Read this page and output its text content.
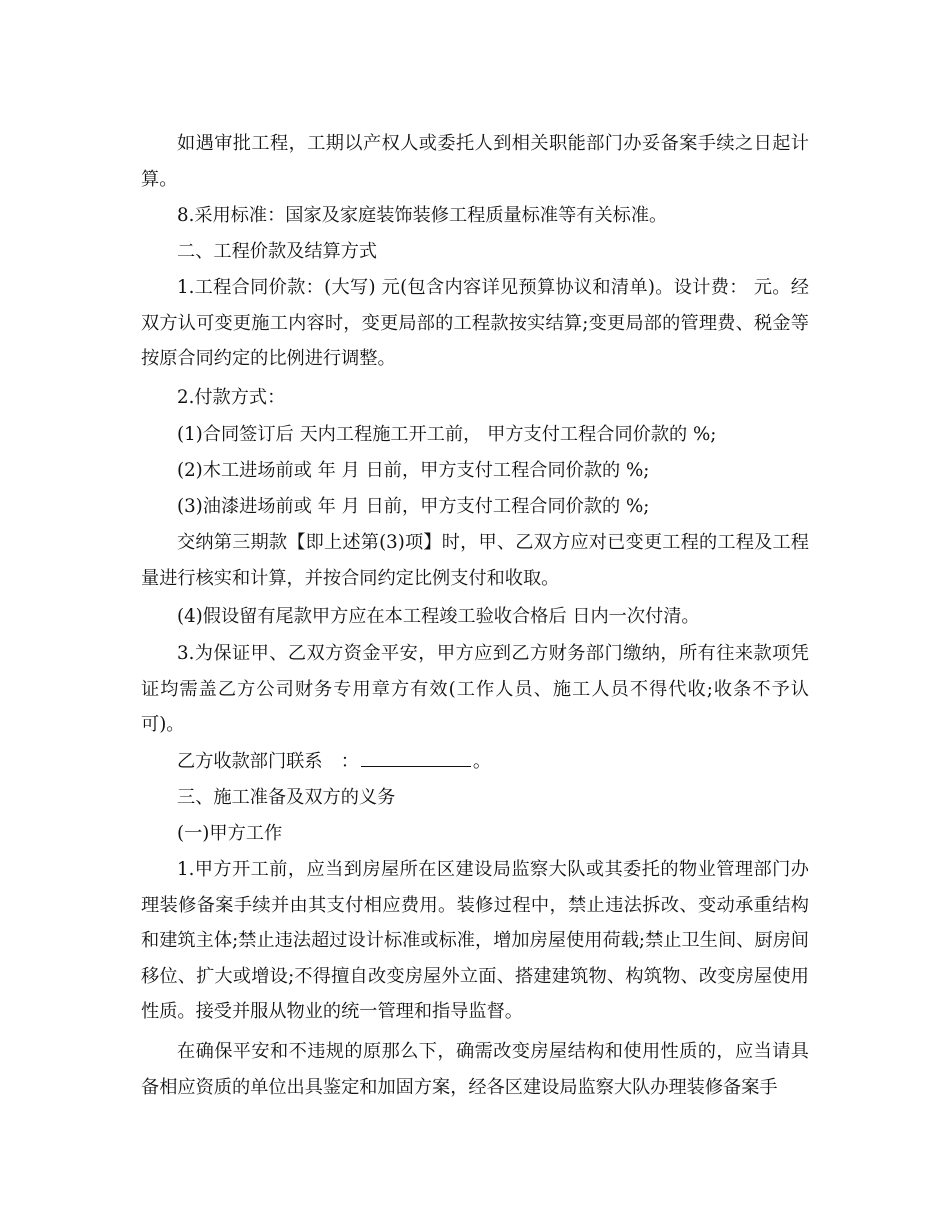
如遇审批工程，工期以产权人或委托人到相关职能部门办妥备案手续之日起计算。

8.采用标准：国家及家庭装饰装修工程质量标准等有关标准。

二、工程价款及结算方式

1.工程合同价款：(大写) 元(包含内容详见预算协议和清单)。设计费： 元。经双方认可变更施工内容时，变更局部的工程款按实结算;变更局部的管理费、税金等按原合同约定的比例进行调整。

2.付款方式：

(1)合同签订后 天内工程施工开工前， 甲方支付工程合同价款的 %;

(2)木工进场前或 年 月 日前，甲方支付工程合同价款的 %;

(3)油漆进场前或 年 月 日前，甲方支付工程合同价款的 %;

交纳第三期款【即上述第(3)项】时，甲、乙双方应对已变更工程的工程及工程量进行核实和计算，并按合同约定比例支付和收取。

(4)假设留有尾款甲方应在本工程竣工验收合格后 日内一次付清。

3.为保证甲、乙双方资金平安，甲方应到乙方财务部门缴纳，所有往来款项凭证均需盖乙方公司财务专用章方有效(工作人员、施工人员不得代收;收条不予认可)。

乙方收款部门联系　：	。

三、施工准备及双方的义务

(一)甲方工作

1.甲方开工前，应当到房屋所在区建设局监察大队或其委托的物业管理部门办理装修备案手续并由其支付相应费用。装修过程中，禁止违法拆改、变动承重结构和建筑主体;禁止违法超过设计标准或标准，增加房屋使用荷载;禁止卫生间、厨房间移位、扩大或增设;不得擅自改变房屋外立面、搭建建筑物、构筑物、改变房屋使用性质。接受并服从物业的统一管理和指导监督。

在确保平安和不违规的原那么下，确需改变房屋结构和使用性质的，应当请具备相应资质的单位出具鉴定和加固方案，经各区建设局监察大队办理装修备案手
